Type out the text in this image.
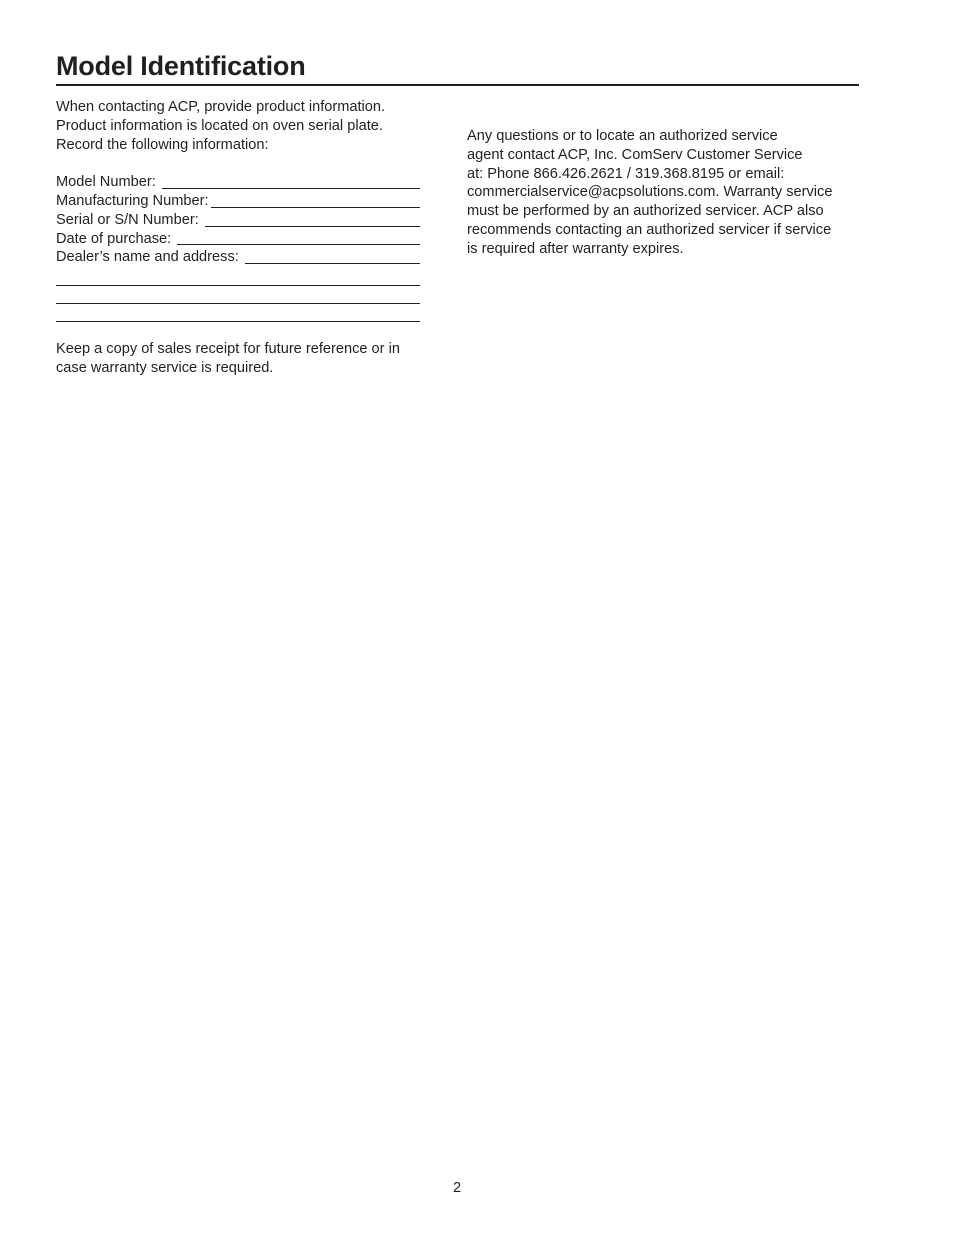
Model Identification
When contacting ACP, provide product information.
Product information is located on oven serial plate.
Record the following information:
Model Number:
Manufacturing Number:
Serial or S/N Number:
Date of purchase:
Dealer’s name and address:
Keep a copy of sales receipt for future reference or in
case warranty service is required.
Any questions or to locate an authorized service
agent contact ACP, Inc. ComServ Customer Service
at: Phone 866.426.2621 / 319.368.8195 or email:
commercialservice@acpsolutions.com. Warranty service
must be performed by an authorized servicer. ACP also
recommends contacting an authorized servicer if service
is required after warranty expires.
2
